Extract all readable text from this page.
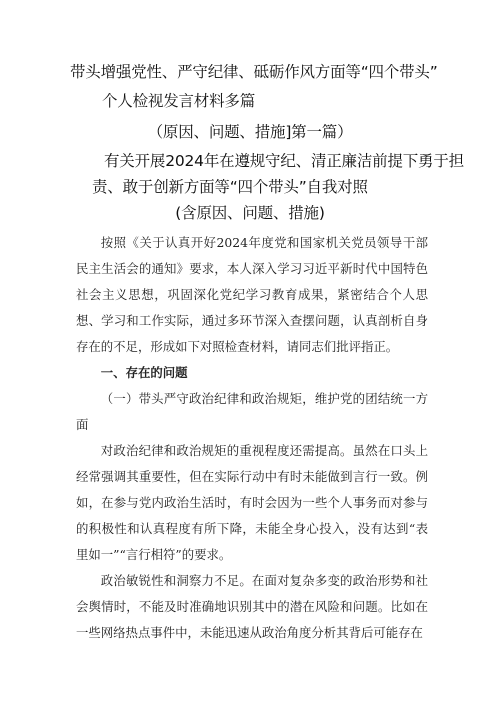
带头增强党性、严守纪律、砥砺作风方面等“四个带头”
个人检视发言材料多篇
（原因、问题、措施]第一篇）
有关开展2024年在遵规守纪、清正廉洁前提下勇于担
责、敢于创新方面等“四个带头”自我对照
(含原因、问题、措施)

按照《关于认真开好2024年度党和国家机关党员领导干部民主生活会的通知》要求，本人深入学习习近平新时代中国特色社会主义思想，巩固深化党纪学习教育成果，紧密结合个人思想、学习和工作实际，通过多环节深入查摆问题，认真剖析自身存在的不足，形成如下对照检查材料，请同志们批评指正。

一、存在的问题

（一）带头严守政治纪律和政治规矩，维护党的团结统一方面

对政治纪律和政治规矩的重视程度还需提高。虽然在口头上经常强调其重要性，但在实际行动中有时未能做到言行一致。例如，在参与党内政治生活时，有时会因为一些个人事务而对参与的积极性和认真程度有所下降，未能全身心投入，没有达到“表里如一”“言行相符”的要求。

政治敏锐性和洞察力不足。在面对复杂多变的政治形势和社会舆情时，不能及时准确地识别其中的潜在风险和问题。比如在一些网络热点事件中，未能迅速从政治角度分析其背后可能存在
